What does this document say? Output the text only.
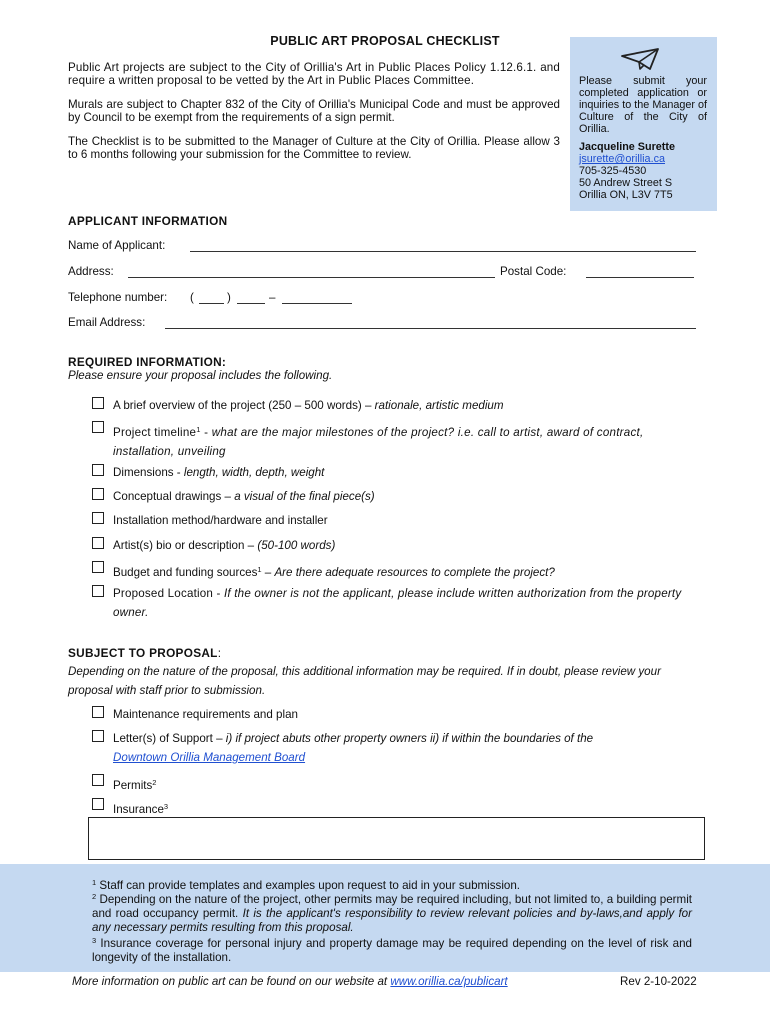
PUBLIC ART PROPOSAL CHECKLIST

Public Art projects are subject to the City of Orillia's Art in Public Places Policy 1.12.6.1. and require a written proposal to be vetted by the Art in Public Places Committee.

Murals are subject to Chapter 832 of the City of Orillia's Municipal Code and must be approved by Council to be exempt from the requirements of a sign permit.

The Checklist is to be submitted to the Manager of Culture at the City of Orillia. Please allow 3 to 6 months following your submission for the Committee to review.

Please submit your completed application or inquiries to the Manager of Culture of the City of Orillia.
Jacqueline Surette
jsurette@orillia.ca
705-325-4530
50 Andrew Street S
Orillia ON, L3V 7T5
APPLICANT INFORMATION
Name of Applicant:
Address:	Postal Code:
Telephone number: (	)	–
Email Address:
REQUIRED INFORMATION:
Please ensure your proposal includes the following.
A brief overview of the project (250 – 500 words) – rationale, artistic medium
Project timeline$^1$ - what are the major milestones of the project? i.e. call to artist, award of contract, installation, unveiling
Dimensions - length, width, depth, weight
Conceptual drawings – a visual of the final piece(s)
Installation method/hardware and installer
Artist(s) bio or description – (50-100 words)
Budget and funding sources$^1$ – Are there adequate resources to complete the project?
Proposed Location - If the owner is not the applicant, please include written authorization from the property owner.
SUBJECT TO PROPOSAL:
Depending on the nature of the proposal, this additional information may be required. If in doubt, please review your proposal with staff prior to submission.
Maintenance requirements and plan
Letter(s) of Support – i) if project abuts other property owners ii) if within the boundaries of the
Downtown Orillia Management Board
Permits$^2$
Insurance$^3$
$^1$ Staff can provide templates and examples upon request to aid in your submission.
$^2$ Depending on the nature of the project, other permits may be required including, but not limited to, a building permit and road occupancy permit. It is the applicant's responsibility to review relevant policies and by-laws,and apply for any necessary permits resulting from this proposal.
$^3$ Insurance coverage for personal injury and property damage may be required depending on the level of risk and longevity of the installation.
More information on public art can be found on our website at www.orillia.ca/publicart	Rev 2-10-2022
